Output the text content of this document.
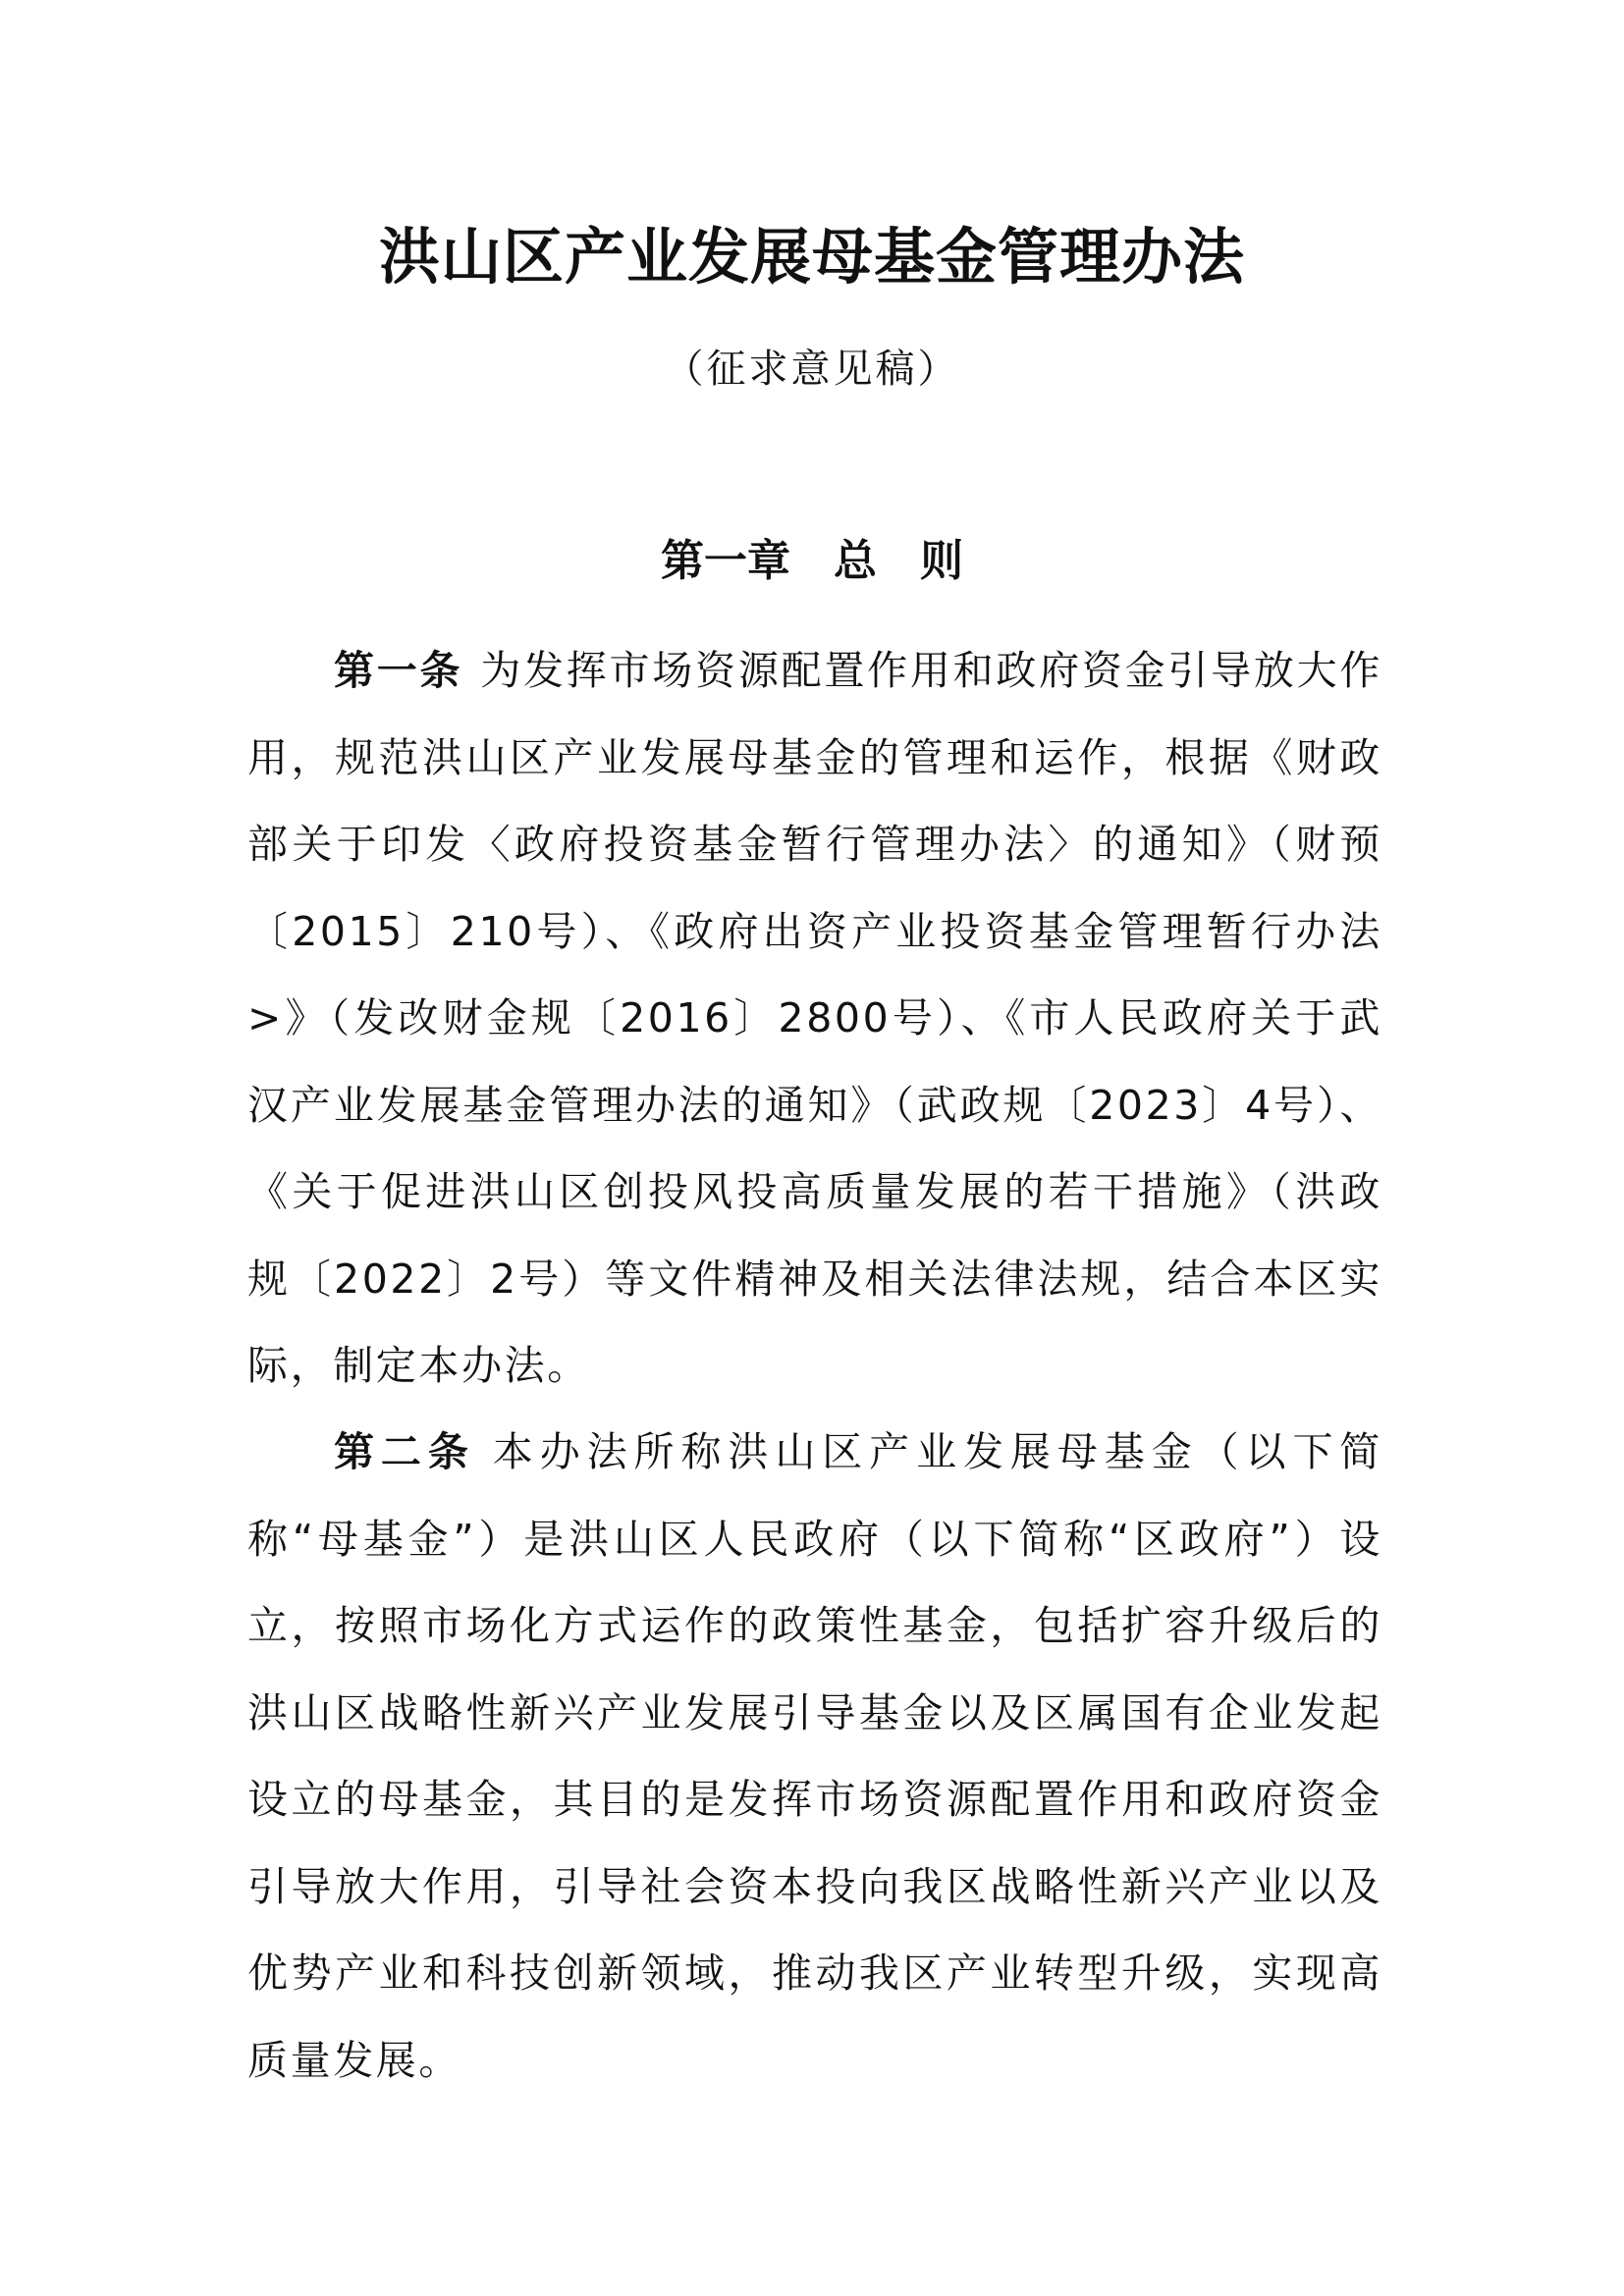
洪山区产业发展母基金管理办法
（征求意见稿）
第一章 总 则

第一条 为发挥市场资源配置作用和政府资金引导放大作用，规范洪山区产业发展母基金的管理和运作，根据《财政部关于印发〈政府投资基金暂行管理办法〉的通知》（财预〔2015〕210号）、《政府出资产业投资基金管理暂行办法>》（发改财金规〔2016〕2800号）、《市人民政府关于武汉产业发展基金管理办法的通知》（武政规〔2023〕4号）、《关于促进洪山区创投风投高质量发展的若干措施》（洪政规〔2022〕2号）等文件精神及相关法律法规，结合本区实际，制定本办法。

第二条 本办法所称洪山区产业发展母基金（以下简称“母基金”）是洪山区人民政府（以下简称“区政府”）设立，按照市场化方式运作的政策性基金，包括扩容升级后的洪山区战略性新兴产业发展引导基金以及区属国有企业发起设立的母基金，其目的是发挥市场资源配置作用和政府资金引导放大作用，引导社会资本投向我区战略性新兴产业以及优势产业和科技创新领域，推动我区产业转型升级，实现高质量发展。
